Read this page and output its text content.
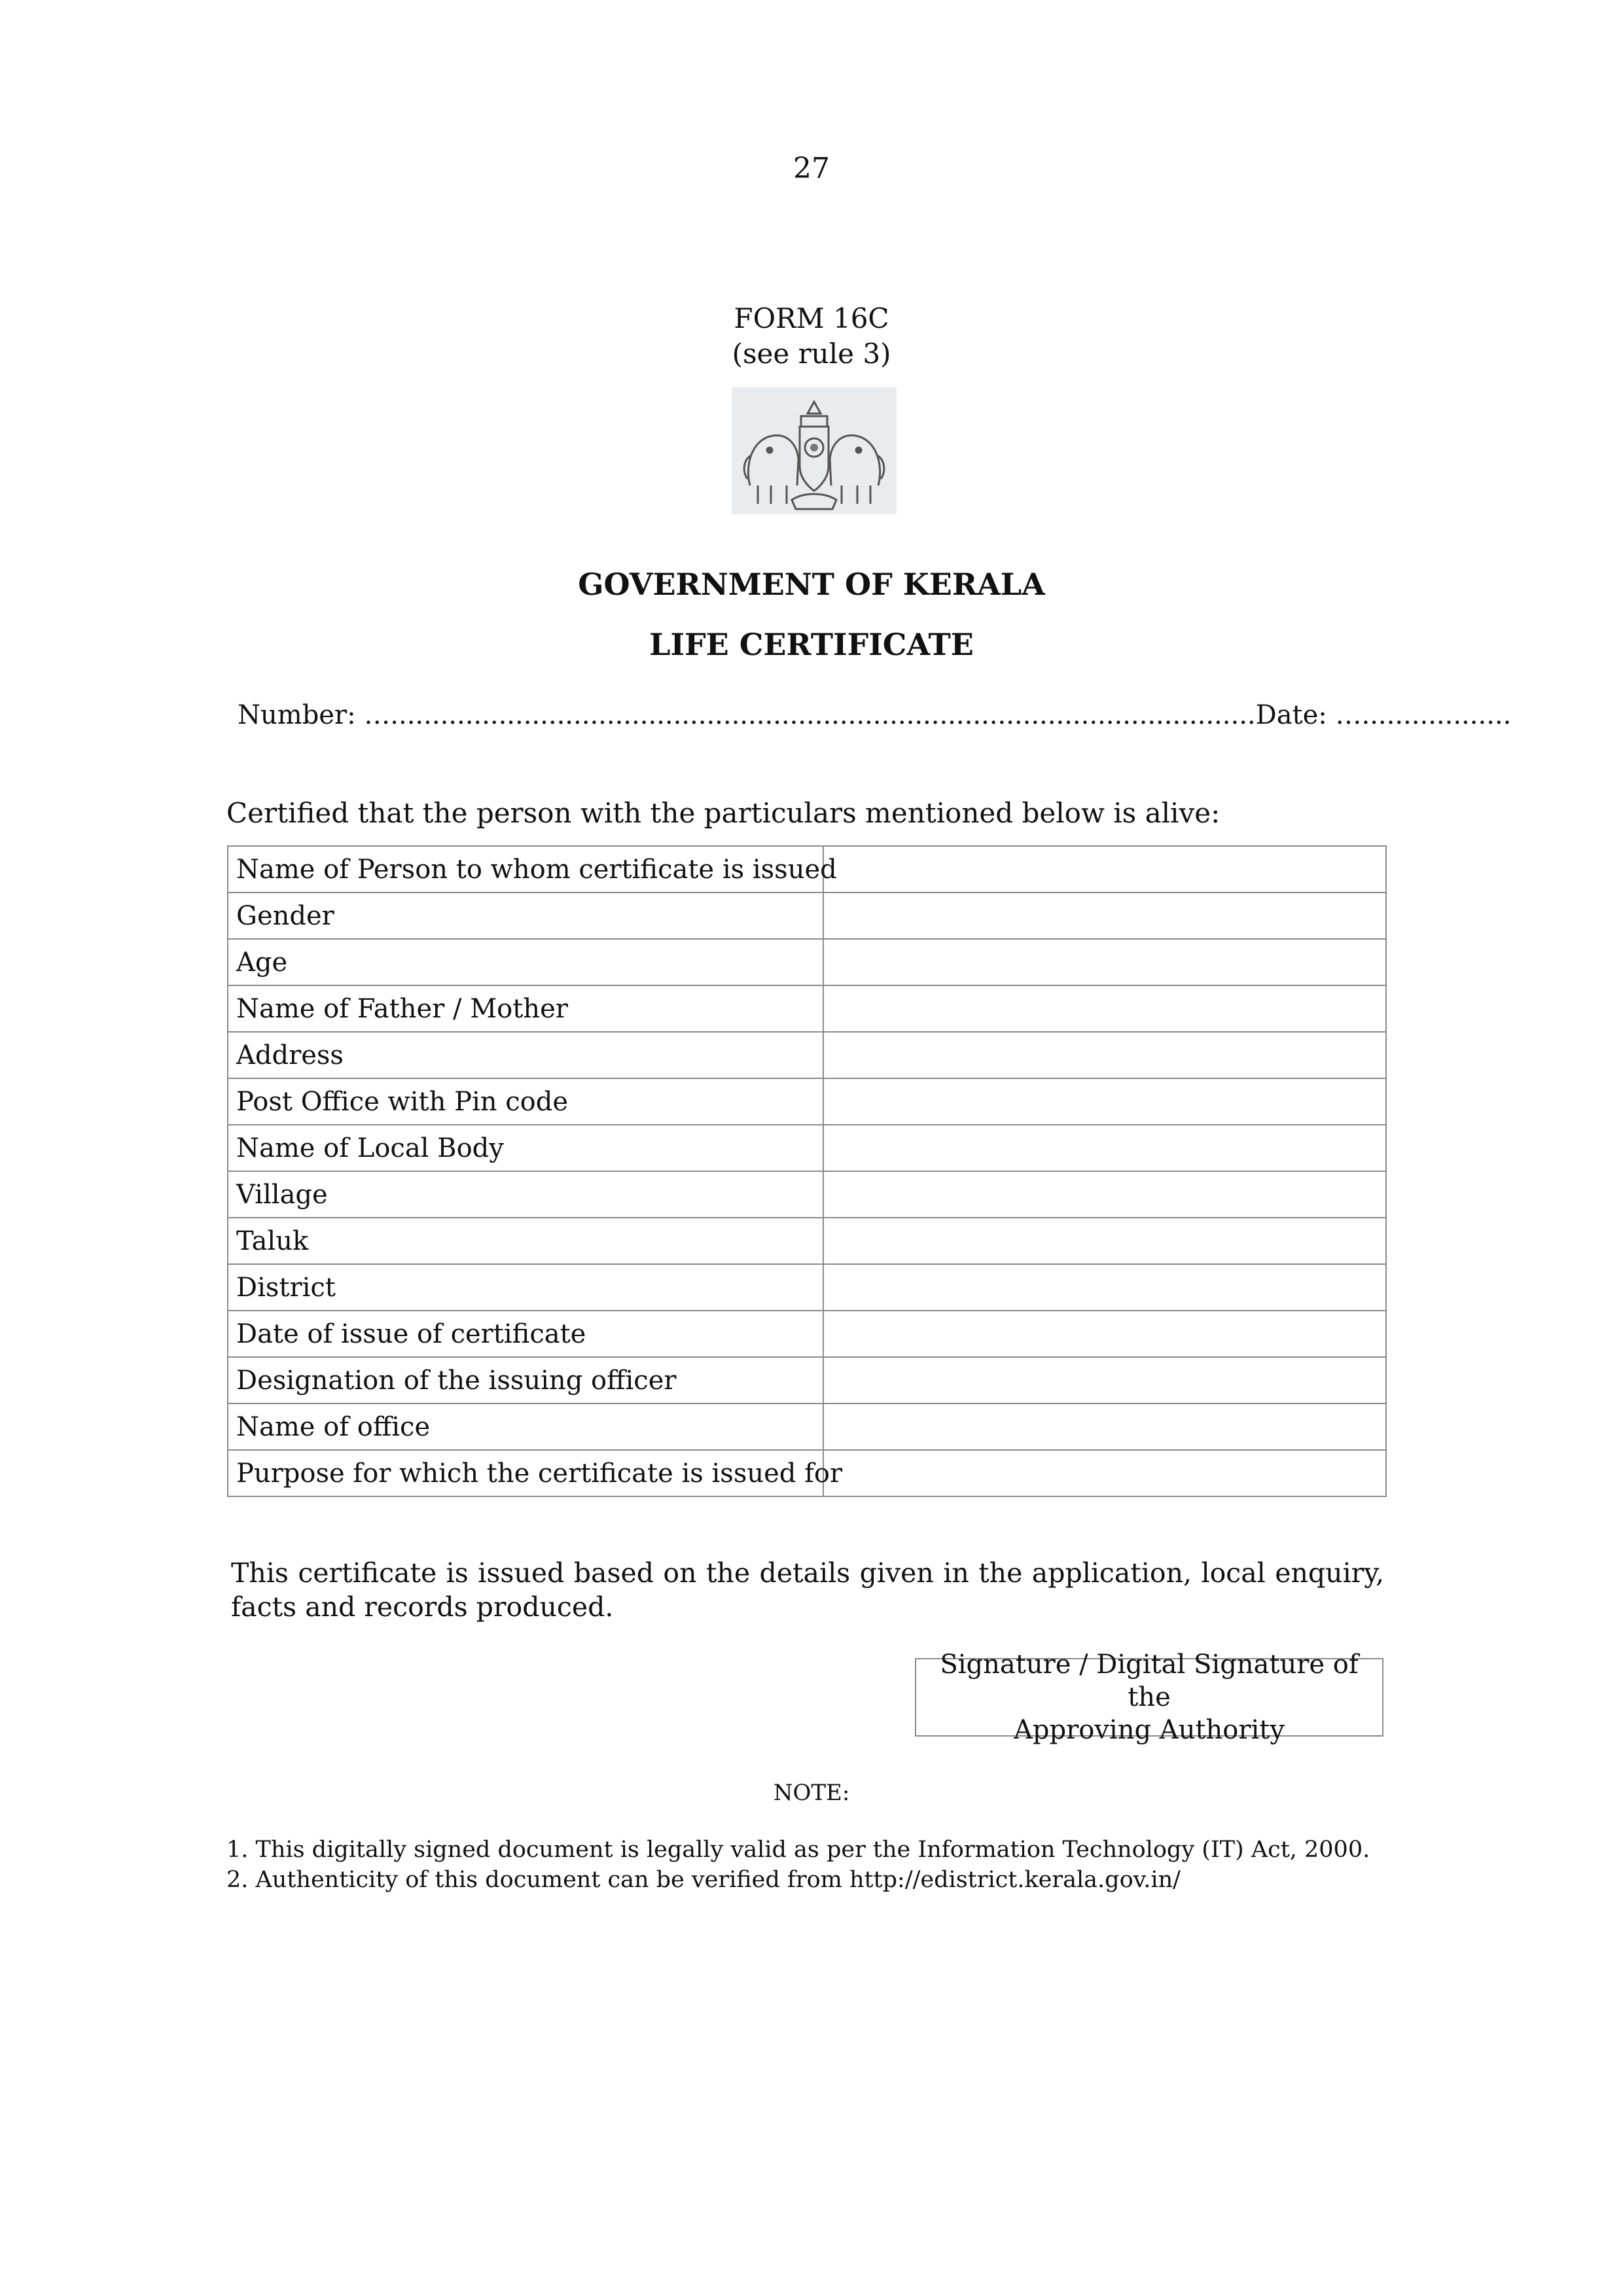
27
FORM 16C
(see rule 3)
GOVERNMENT OF KERALA
LIFE CERTIFICATE
Number: …........................................................................................................Date: …..................
Certified that the person with the particulars mentioned below is alive:
Name of Person to whom certificate is issued	
Gender	
Age	
Name of Father / Mother	
Address	
Post Office with Pin code	
Name of Local Body	
Village	
Taluk	
District	
Date of issue of certificate	
Designation of the issuing officer	
Name of office	
Purpose for which the certificate is issued for	
This certificate is issued based on the details given in the application, local enquiry, facts and records produced.
Signature / Digital Signature of the
Approving Authority
NOTE:
1. This digitally signed document is legally valid as per the Information Technology (IT) Act, 2000.
2. Authenticity of this document can be verified from http://edistrict.kerala.gov.in/
